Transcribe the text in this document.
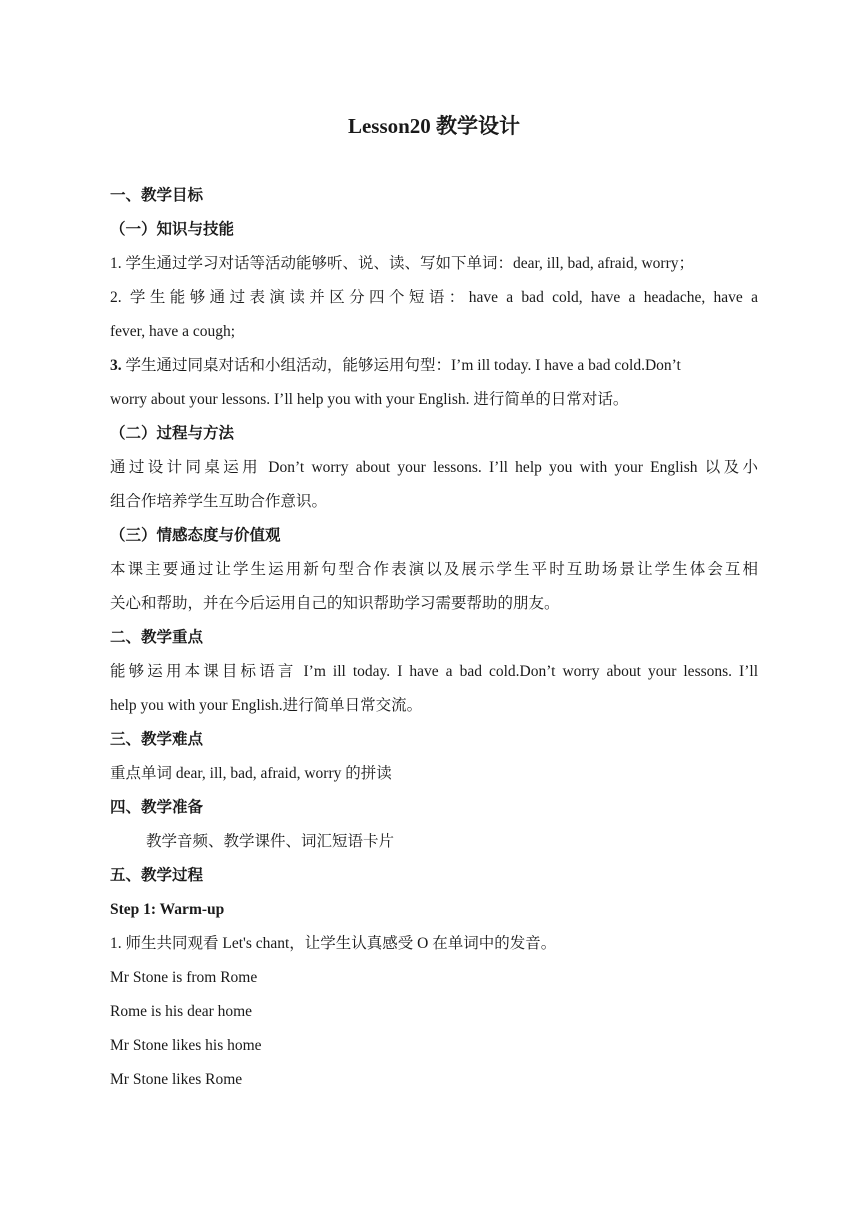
Lesson20 教学设计
一、教学目标
（一）知识与技能
1. 学生通过学习对话等活动能够听、说、读、写如下单词：dear, ill, bad, afraid, worry；
2. 学生能够通过表演读并区分四个短语：have a bad cold, have a headache, have a
fever, have a cough;
3. 学生通过同桌对话和小组活动，能够运用句型：I’m ill today. I have a bad cold.Don’t
worry about your lessons. I’ll help you with your English. 进行简单的日常对话。
（二）过程与方法
通过设计同桌运用 Don’t worry about your lessons. I’ll help you with your English 以及小
组合作培养学生互助合作意识。
（三）情感态度与价值观
本课主要通过让学生运用新句型合作表演以及展示学生平时互助场景让学生体会互相
关心和帮助，并在今后运用自己的知识帮助学习需要帮助的朋友。
二、教学重点
能够运用本课目标语言 I’m ill today. I have a bad cold.Don’t worry about your lessons. I’ll
help you with your English.进行简单日常交流。
三、教学难点
重点单词 dear, ill, bad, afraid, worry 的拼读
四、教学准备
教学音频、教学课件、词汇短语卡片
五、教学过程
Step 1: Warm-up
1. 师生共同观看 Let's chant，让学生认真感受 O 在单词中的发音。
Mr Stone is from Rome
Rome is his dear home
Mr Stone likes his home
Mr Stone likes Rome
